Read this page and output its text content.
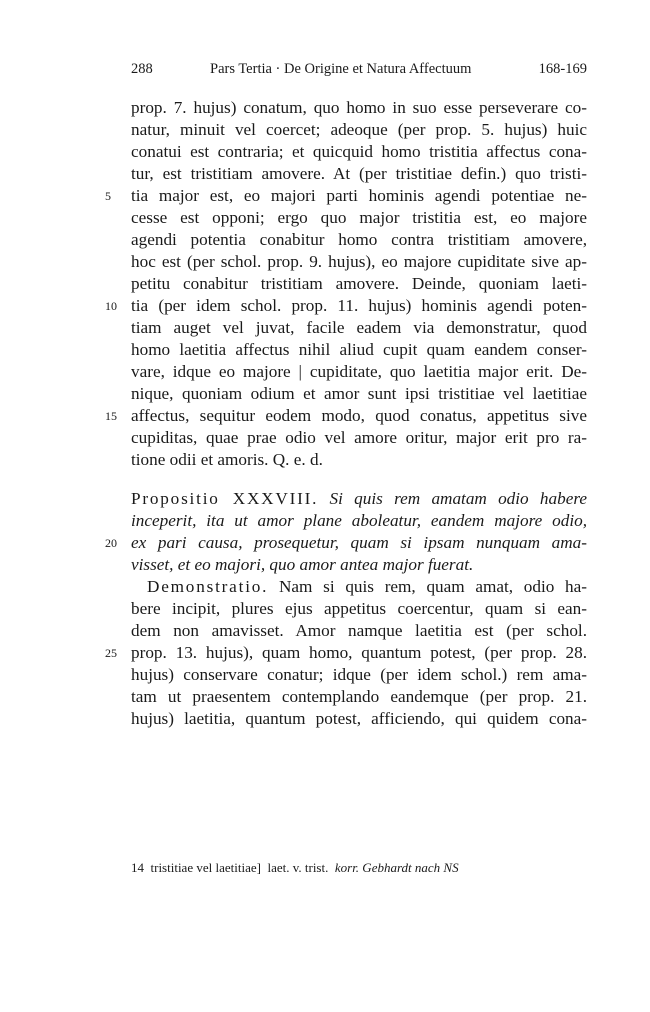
288	Pars Tertia · De Origine et Natura Affectuum	168-169
prop. 7. hujus) conatum, quo homo in suo esse perseverare co-
natur, minuit vel coercet; adeoque (per prop. 5. hujus) huic
conatui est contraria; et quicquid homo tristitia affectus cona-
tur, est tristitiam amovere. At (per tristitiae defin.) quo tristi-
tia major est, eo majori parti hominis agendi potentiae ne-
cesse est opponi; ergo quo major tristitia est, eo majore
agendi potentia conabitur homo contra tristitiam amovere,
hoc est (per schol. prop. 9. hujus), eo majore cupiditate sive ap-
petitu conabitur tristitiam amovere. Deinde, quoniam laeti-
tia (per idem schol. prop. 11. hujus) hominis agendi poten-
tiam auget vel juvat, facile eadem via demonstratur, quod
homo laetitia affectus nihil aliud cupit quam eandem conser-
vare, idque eo majore | cupiditate, quo laetitia major erit. De-
nique, quoniam odium et amor sunt ipsi tristitiae vel laetitiae
affectus, sequitur eodem modo, quod conatus, appetitus sive
cupiditas, quae prae odio vel amore oritur, major erit pro ra-
tione odii et amoris. Q. e. d.
Propositio XXXVIII. Si quis rem amatam odio habere
inceperit, ita ut amor plane aboleatur, eandem majore odio,
ex pari causa, prosequetur, quam si ipsam nunquam ama-
visset, et eo majori, quo amor antea major fuerat.
Demonstratio. Nam si quis rem, quam amat, odio ha-
bere incipit, plures ejus appetitus coercentur, quam si ean-
dem non amavisset. Amor namque laetitia est (per schol.
prop. 13. hujus), quam homo, quantum potest, (per prop. 28.
hujus) conservare conatur; idque (per idem schol.) rem ama-
tam ut praesentem contemplando eandemque (per prop. 21.
hujus) laetitia, quantum potest, afficiendo, qui quidem cona-
5
10
15
20
25
14 tristitiae vel laetitiae] laet. v. trist. korr. Gebhardt nach NS
